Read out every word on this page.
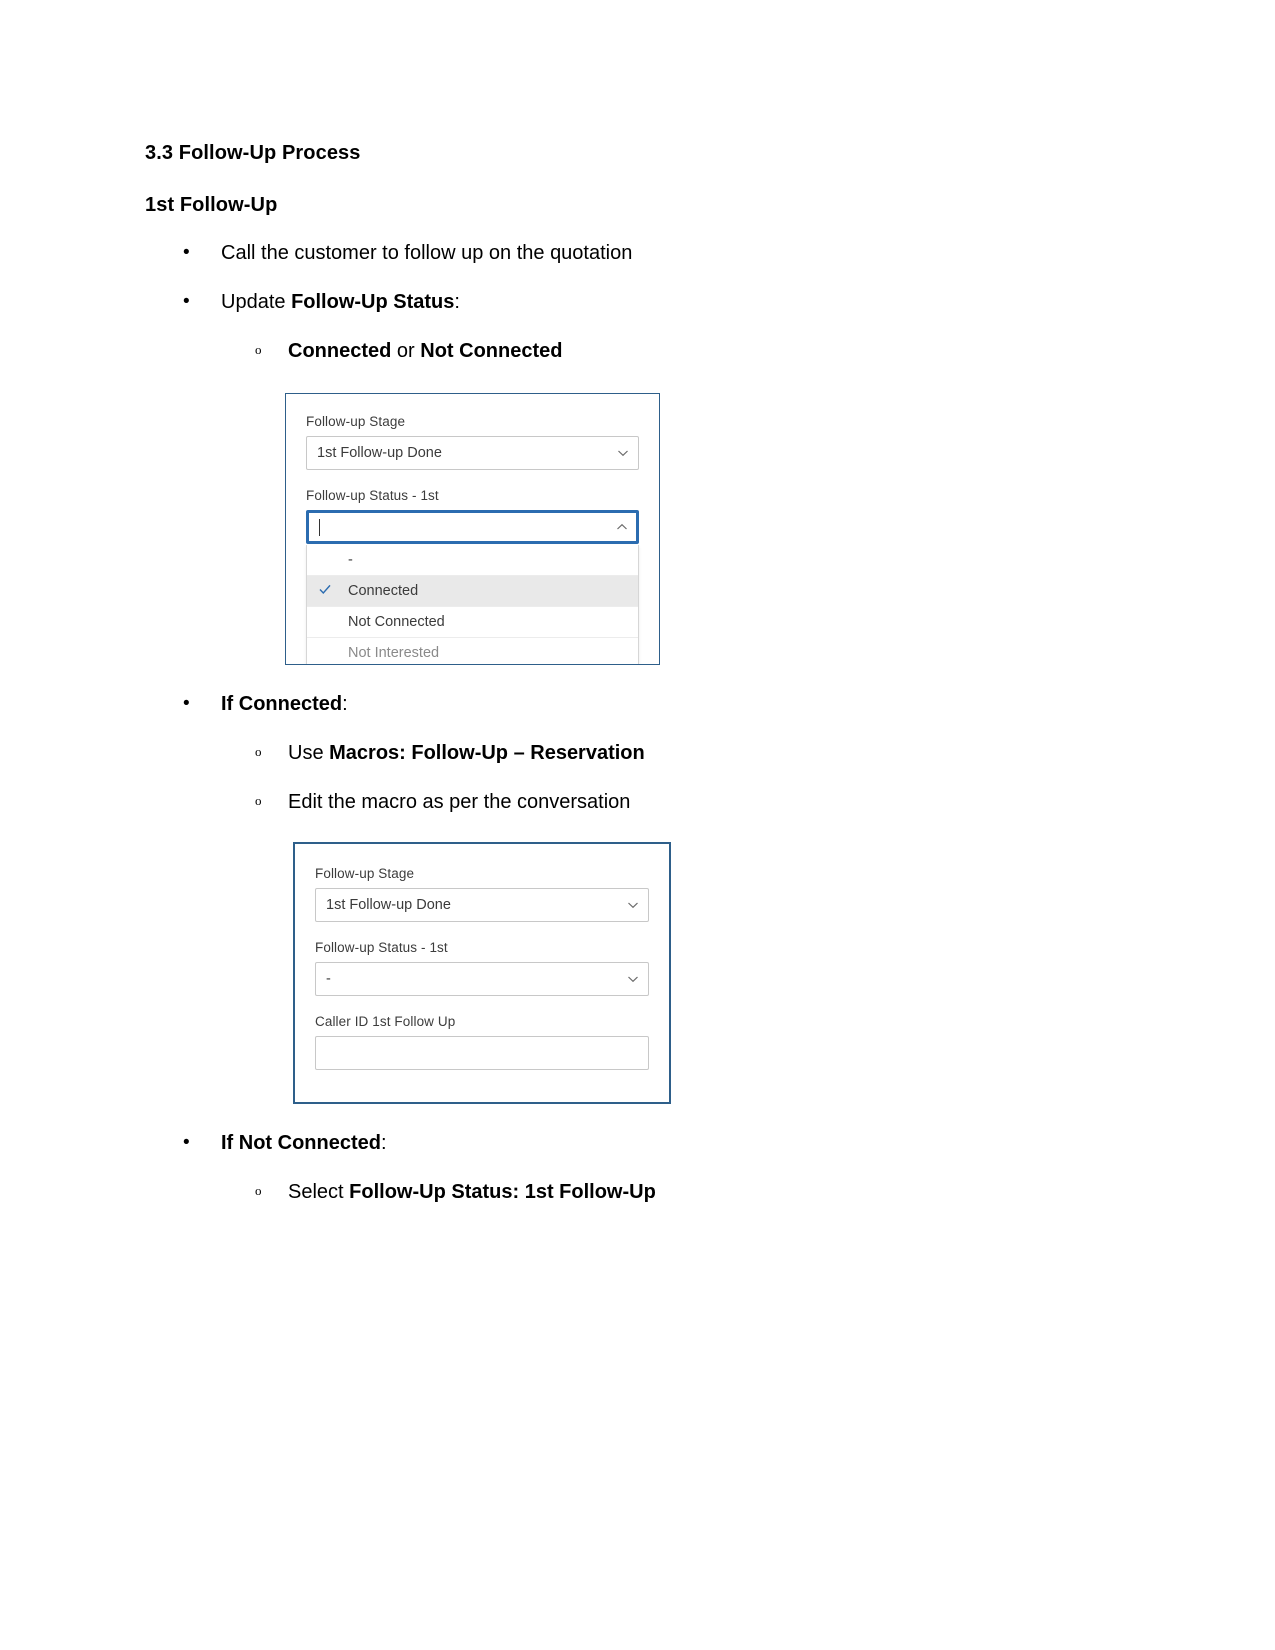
3.3 Follow-Up Process
1st Follow-Up
•	Call the customer to follow up on the quotation
•	Update Follow-Up Status:
o	Connected or Not Connected
Follow-up Stage
1st Follow-up Done
Follow-up Status - 1st
-
Connected
Not Connected
Not Interested
•	If Connected:
o	Use Macros: Follow-Up – Reservation
o	Edit the macro as per the conversation
Follow-up Stage
1st Follow-up Done
Follow-up Status - 1st
-
Caller ID 1st Follow Up
•	If Not Connected:
o	Select Follow-Up Status: 1st Follow-Up
